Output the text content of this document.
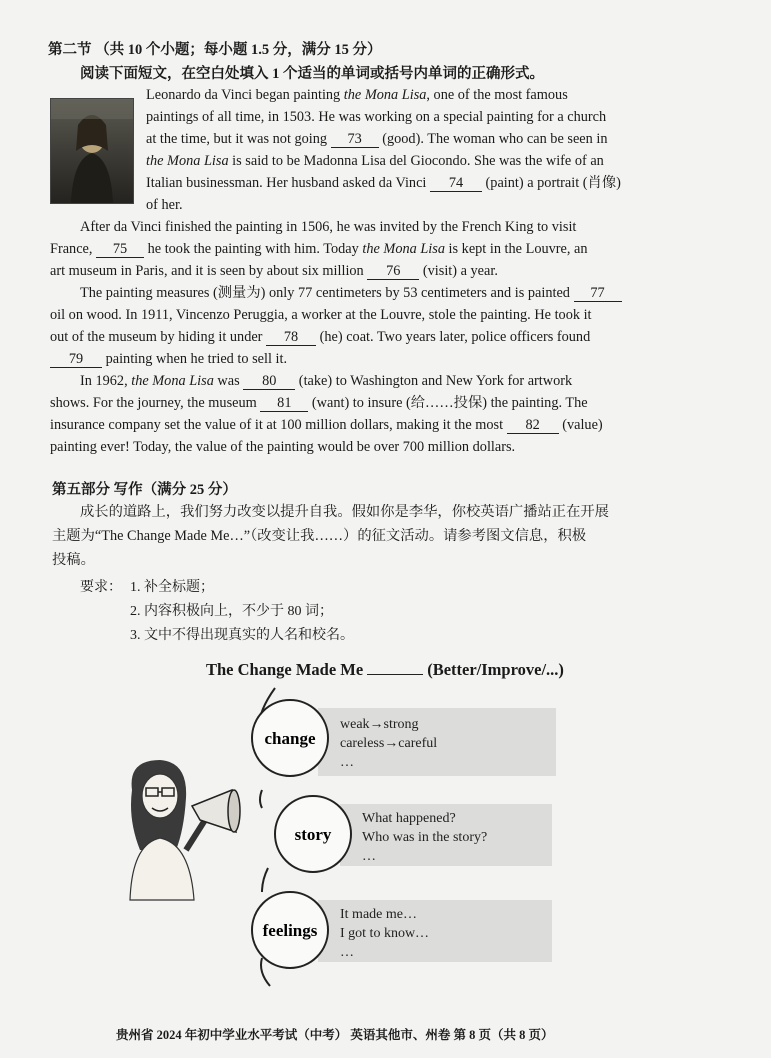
第二节 （共 10 个小题；每小题 1.5 分，满分 15 分）
阅读下面短文，在空白处填入 1 个适当的单词或括号内单词的正确形式。
Leonardo da Vinci began painting the Mona Lisa, one of the most famous
paintings of all time, in 1503. He was working on a special painting for a church
at the time, but it was not going 73 (good). The woman who can be seen in
the Mona Lisa is said to be Madonna Lisa del Giocondo. She was the wife of an
Italian businessman. Her husband asked da Vinci 74 (paint) a portrait (肖像)
of her.
After da Vinci finished the painting in 1506, he was invited by the French King to visit
France, 75 he took the painting with him. Today the Mona Lisa is kept in the Louvre, an
art museum in Paris, and it is seen by about six million 76 (visit) a year.
The painting measures (测量为) only 77 centimeters by 53 centimeters and is painted 77
oil on wood. In 1911, Vincenzo Peruggia, a worker at the Louvre, stole the painting. He took it
out of the museum by hiding it under 78 (he) coat. Two years later, police officers found
79 painting when he tried to sell it.
In 1962, the Mona Lisa was 80 (take) to Washington and New York for artwork
shows. For the journey, the museum 81 (want) to insure (给……投保) the painting. The
insurance company set the value of it at 100 million dollars, making it the most 82 (value)
painting ever! Today, the value of the painting would be over 700 million dollars.
第五部分 写作（满分 25 分）
成长的道路上，我们努力改变以提升自我。假如你是李华，你校英语广播站正在开展
主题为“The Change Made Me…”（改变让我……）的征文活动。请参考图文信息，积极
投稿。
要求： 1. 补全标题；
2. 内容积极向上，不少于 80 词；
3. 文中不得出现真实的人名和校名。
The Change Made Me	(Better/Improve/...)
change
story
feelings
weak→strong
careless→careful
…
What happened?
Who was in the story?
…
It made me…
I got to know…
…
贵州省 2024 年初中学业水平考试（中考） 英语其他市、州卷 第 8 页（共 8 页）
